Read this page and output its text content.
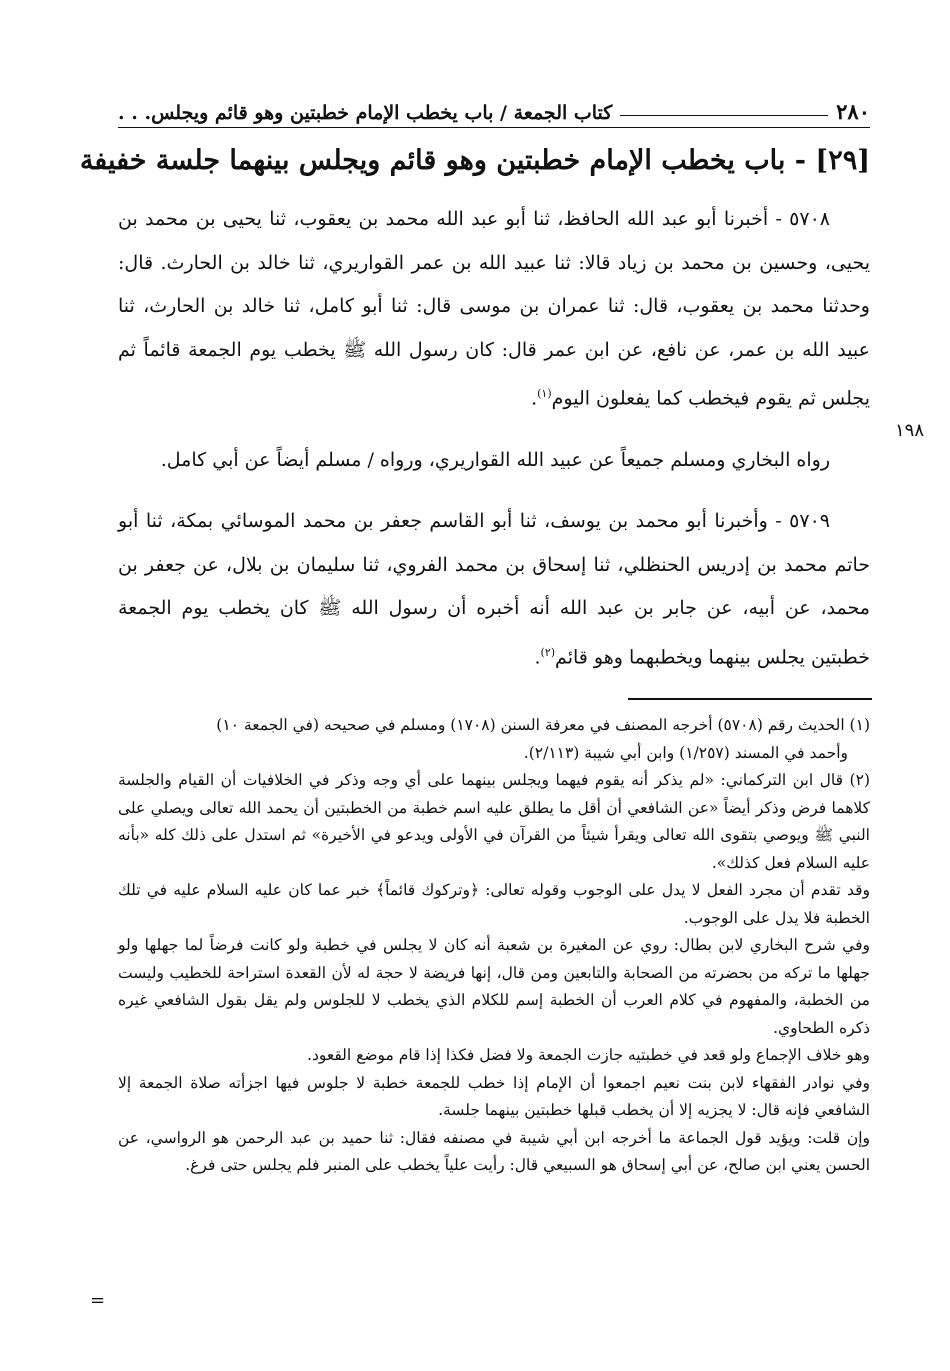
٢٨٠
كتاب الجمعة / باب يخطب الإمام خطبتين وهو قائم ويجلس. . .
[٢٩] - باب يخطب الإمام خطبتين وهو قائم ويجلس بينهما جلسة خفيفة
١٩٨

٥٧٠٨ - أخبرنا أبو عبد الله الحافظ، ثنا أبو عبد الله محمد بن يعقوب، ثنا يحيى بن محمد بن يحيى، وحسين بن محمد بن زياد قالا: ثنا عبيد الله بن عمر القواريري، ثنا خالد بن الحارث. قال: وحدثنا محمد بن يعقوب، قال: ثنا عمران بن موسى قال: ثنا أبو كامل، ثنا خالد بن الحارث، ثنا عبيد الله بن عمر، عن نافع، عن ابن عمر قال: كان رسول الله ﷺ يخطب يوم الجمعة قائماً ثم يجلس ثم يقوم فيخطب كما يفعلون اليوم$^{(١)}$.

رواه البخاري ومسلم جميعاً عن عبيد الله القواريري، ورواه / مسلم أيضاً عن أبي كامل.

٥٧٠٩ - وأخبرنا أبو محمد بن يوسف، ثنا أبو القاسم جعفر بن محمد الموسائي بمكة، ثنا أبو حاتم محمد بن إدريس الحنظلي، ثنا إسحاق بن محمد الفروي، ثنا سليمان بن بلال، عن جعفر بن محمد، عن أبيه، عن جابر بن عبد الله أنه أخبره أن رسول الله ﷺ كان يخطب يوم الجمعة خطبتين يجلس بينهما ويخطبهما وهو قائم$^{(٢)}$.

(١) الحديث رقم (٥٧٠٨) أخرجه المصنف في معرفة السنن (١٧٠٨) ومسلم في صحيحه (في الجمعة ١٠)

وأحمد في المسند (١/٢٥٧) وابن أبي شيبة (٢/١١٣).

(٢) قال ابن التركماني: «لم يذكر أنه يقوم فيهما ويجلس بينهما على أي وجه وذكر في الخلافيات أن القيام والجلسة كلاهما فرض وذكر أيضاً «عن الشافعي أن أقل ما يطلق عليه اسم خطبة من الخطبتين أن يحمد الله تعالى ويصلي على النبي ﷺ ويوصي بتقوى الله تعالى ويقرأ شيئاً من القرآن في الأولى ويدعو في الأخيرة» ثم استدل على ذلك كله «بأنه عليه السلام فعل كذلك».

وقد تقدم أن مجرد الفعل لا يدل على الوجوب وقوله تعالى: ﴿وتركوك قائماً﴾ خبر عما كان عليه السلام عليه في تلك الخطبة فلا يدل على الوجوب.

وفي شرح البخاري لابن بطال: روي عن المغيرة بن شعبة أنه كان لا يجلس في خطبة ولو كانت فرضاً لما جهلها ولو جهلها ما تركه من بحضرته من الصحابة والتابعين ومن قال، إنها فريضة لا حجة له لأن القعدة استراحة للخطيب وليست من الخطبة، والمفهوم في كلام العرب أن الخطبة إسم للكلام الذي يخطب لا للجلوس ولم يقل بقول الشافعي غيره ذكره الطحاوي.

وهو خلاف الإجماع ولو قعد في خطبتيه جازت الجمعة ولا فضل فكذا إذا قام موضع القعود.

وفي نوادر الفقهاء لابن بنت نعيم اجمعوا أن الإمام إذا خطب للجمعة خطبة لا جلوس فيها اجزأته صلاة الجمعة إلا الشافعي فإنه قال: لا يجزيه إلا أن يخطب قبلها خطبتين بينهما جلسة.

وإن قلت: ويؤيد قول الجماعة ما أخرجه ابن أبي شيبة في مصنفه فقال: ثنا حميد بن عبد الرحمن هو الرواسي، عن الحسن يعني ابن صالح، عن أبي إسحاق هو السبيعي قال: رأيت علياً يخطب على المنبر فلم يجلس حتى فرغ.

=
